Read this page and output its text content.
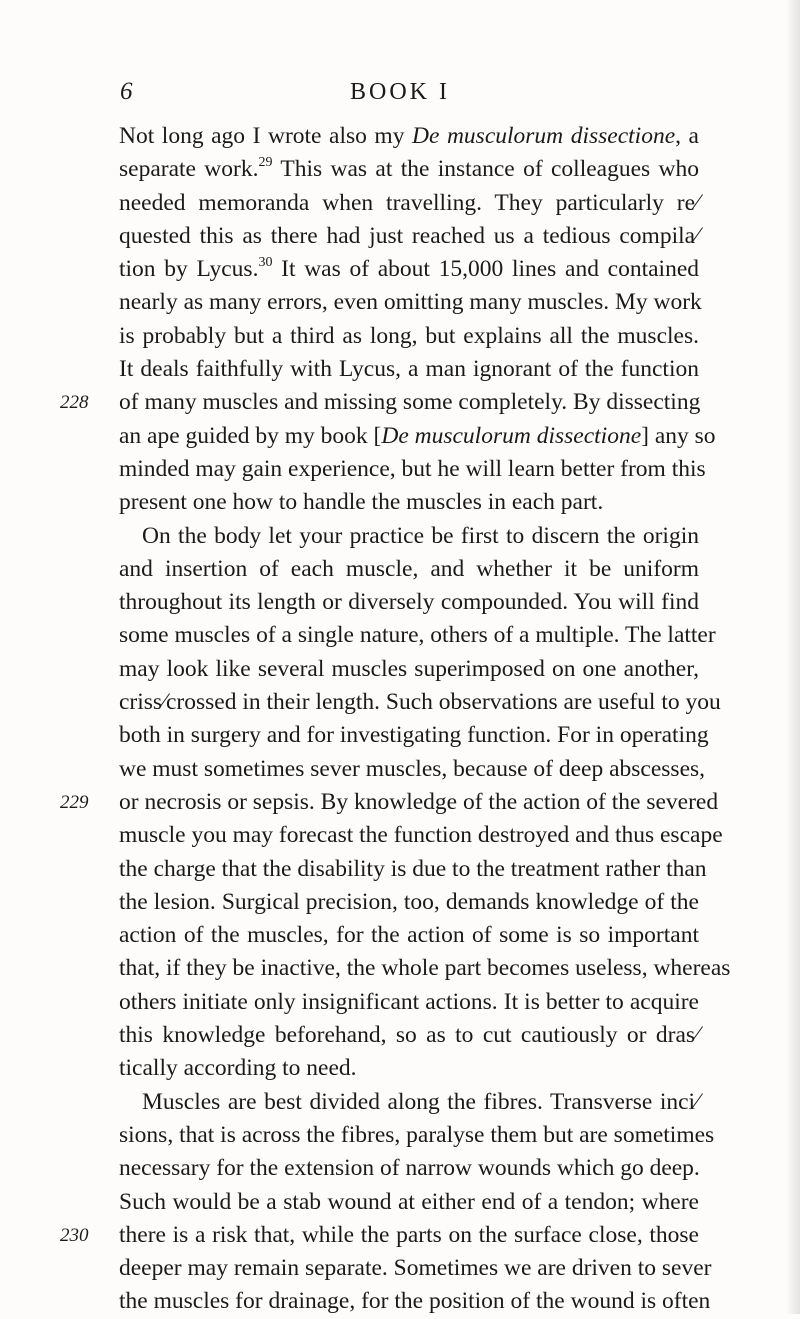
6	BOOK I
Not long ago I wrote also my De musculorum dissectione, a
separate work.$^{29}$ This was at the instance of colleagues who
needed memoranda when travelling. They particularly re⁄
quested this as there had just reached us a tedious compila⁄
tion by Lycus.$^{30}$ It was of about 15,000 lines and contained
nearly as many errors, even omitting many muscles. My work
is probably but a third as long, but explains all the muscles.
It deals faithfully with Lycus, a man ignorant of the function
228 of many muscles and missing some completely. By dissecting
an ape guided by my book [De musculorum dissectione] any so
minded may gain experience, but he will learn better from this
present one how to handle the muscles in each part.
On the body let your practice be first to discern the origin
and insertion of each muscle, and whether it be uniform
throughout its length or diversely compounded. You will find
some muscles of a single nature, others of a multiple. The latter
may look like several muscles superimposed on one another,
criss⁄crossed in their length. Such observations are useful to you
both in surgery and for investigating function. For in operating
we must sometimes sever muscles, because of deep abscesses,
229 or necrosis or sepsis. By knowledge of the action of the severed
muscle you may forecast the function destroyed and thus escape
the charge that the disability is due to the treatment rather than
the lesion. Surgical precision, too, demands knowledge of the
action of the muscles, for the action of some is so important
that, if they be inactive, the whole part becomes useless, whereas
others initiate only insignificant actions. It is better to acquire
this knowledge beforehand, so as to cut cautiously or dras⁄
tically according to need.
Muscles are best divided along the fibres. Transverse inci⁄
sions, that is across the fibres, paralyse them but are sometimes
necessary for the extension of narrow wounds which go deep.
Such would be a stab wound at either end of a tendon; where
230 there is a risk that, while the parts on the surface close, those
deeper may remain separate. Sometimes we are driven to sever
the muscles for drainage, for the position of the wound is often
